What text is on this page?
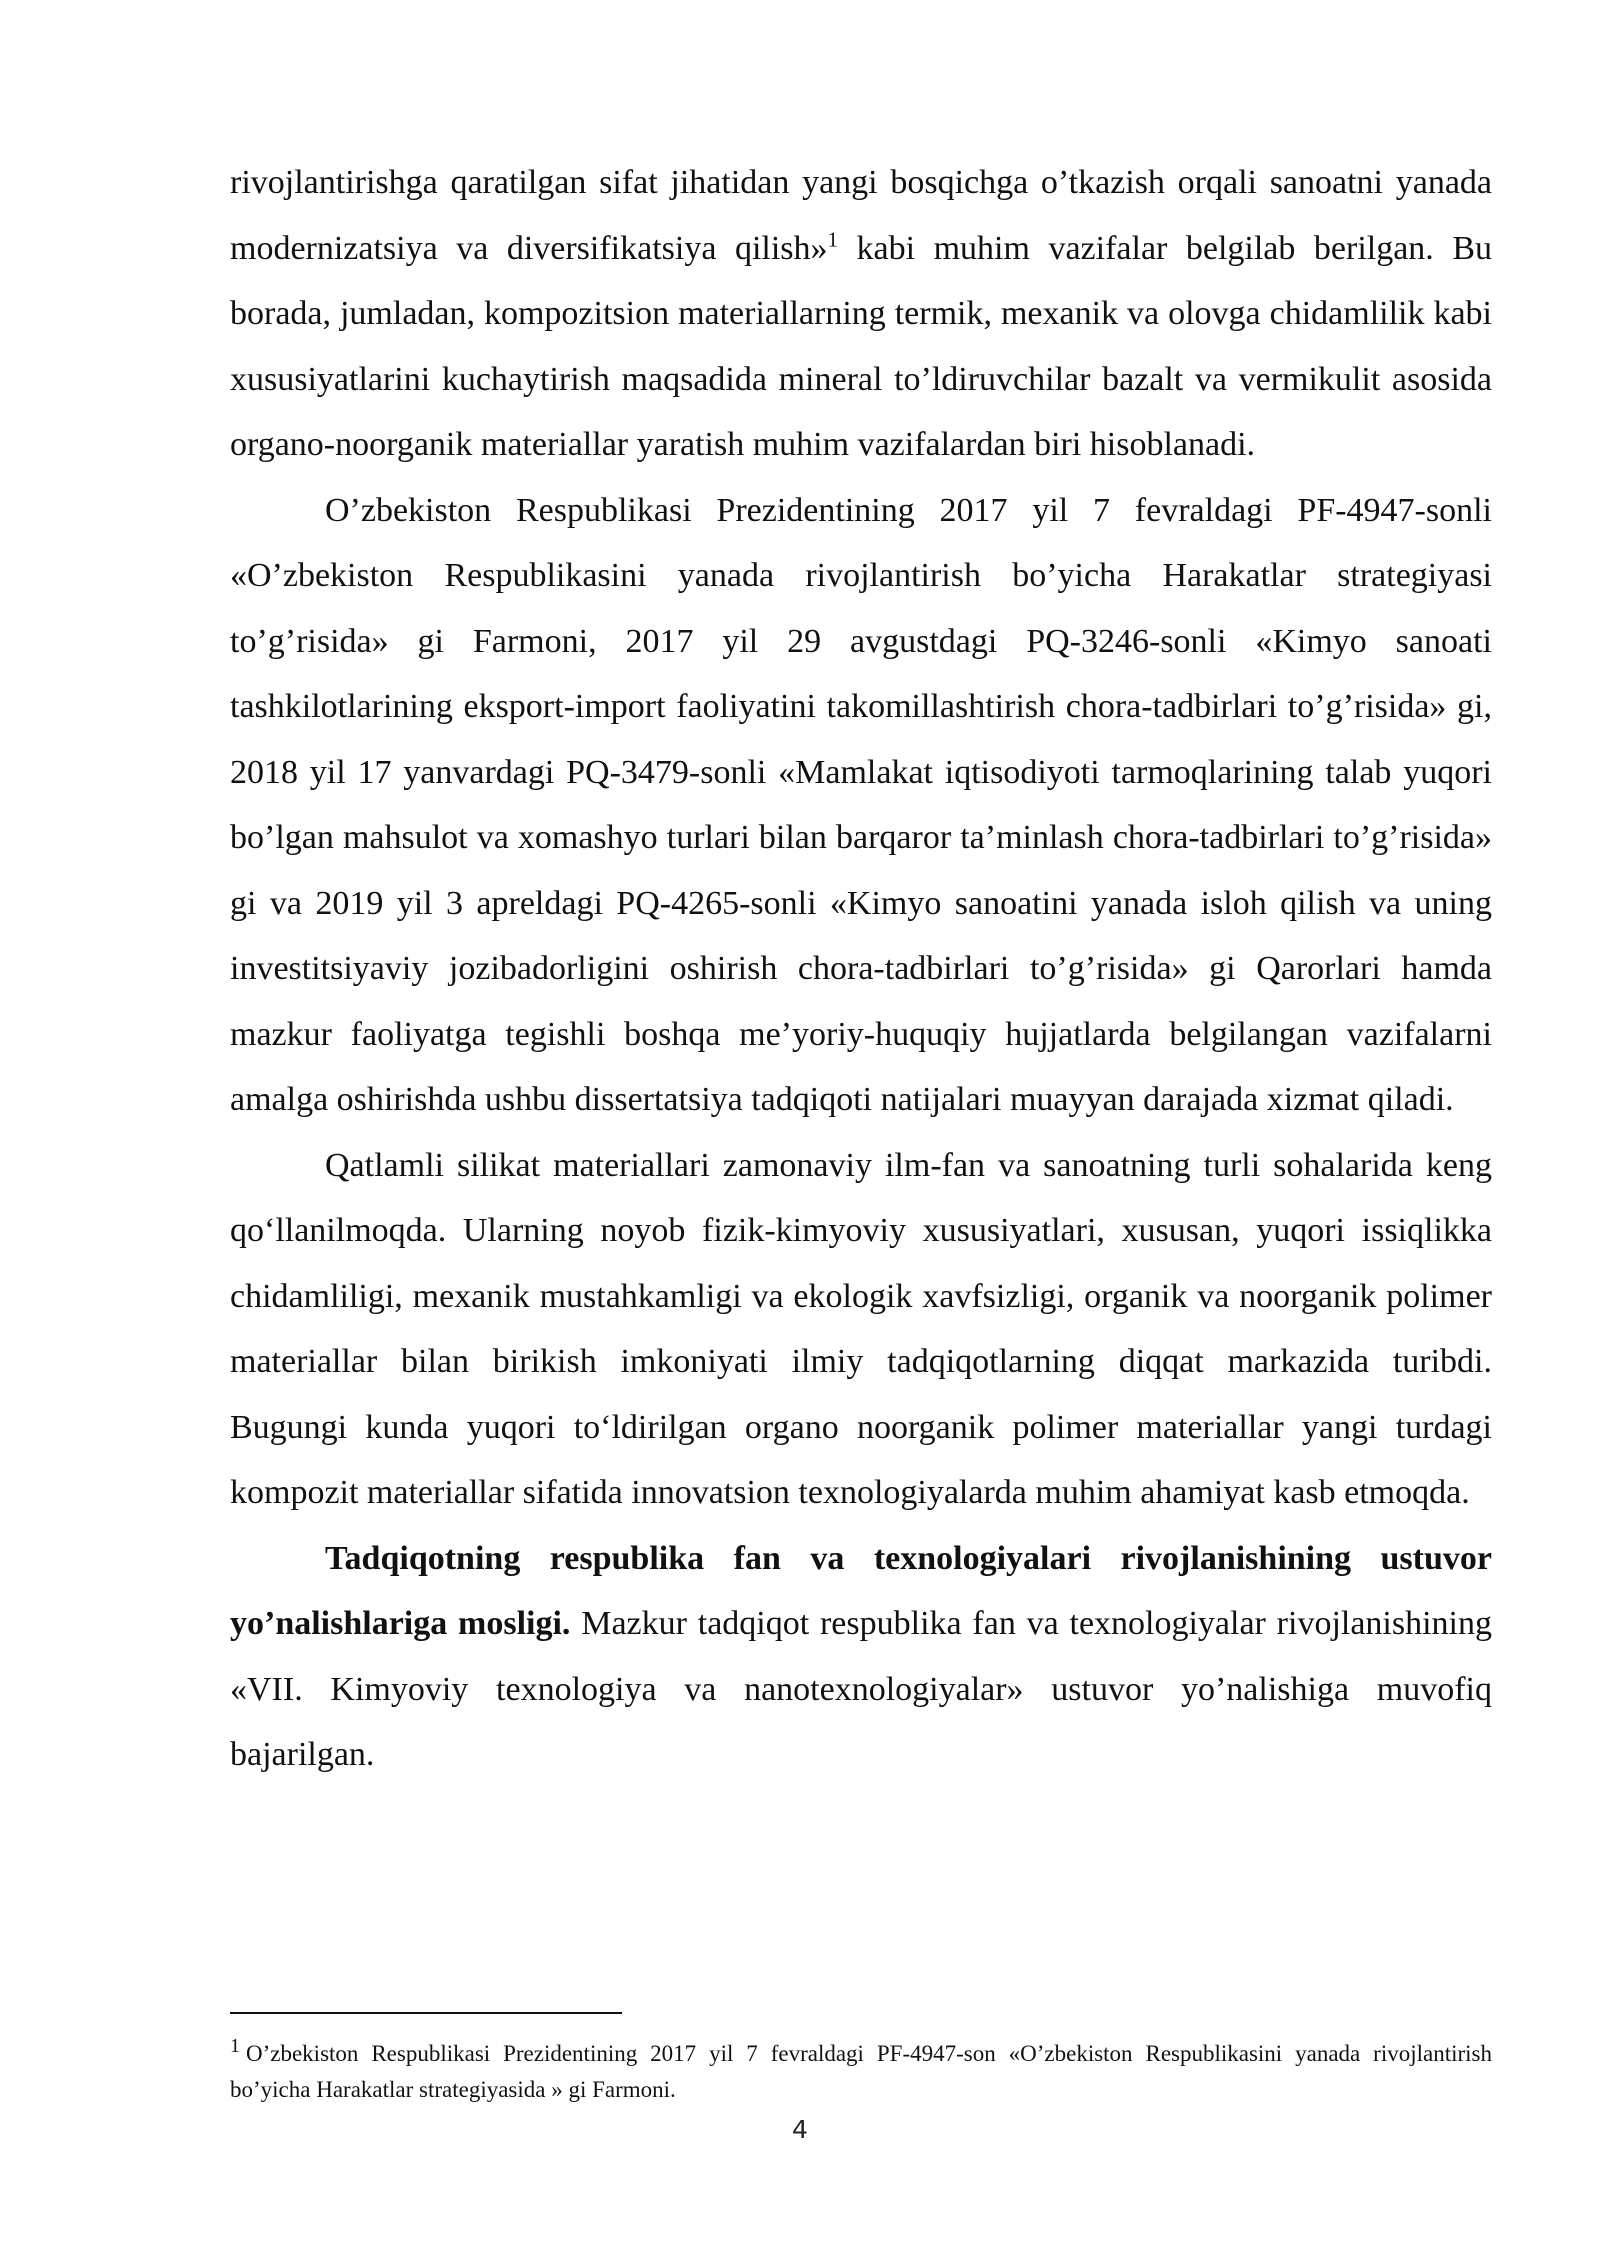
rivojlantirishga qaratilgan sifat jihatidan yangi bosqichga o’tkazish orqali sanoatni yanada modernizatsiya va diversifikatsiya qilish»$^1$ kabi muhim vazifalar belgilab berilgan. Bu borada, jumladan, kompozitsion materiallarning termik, mexanik va olovga chidamlilik kabi xususiyatlarini kuchaytirish maqsadida mineral to’ldiruvchilar bazalt va vermikulit asosida organo-noorganik materiallar yaratish muhim vazifalardan biri hisoblanadi.

O’zbekiston Respublikasi Prezidentining 2017 yil 7 fevraldagi PF-4947-sonli «O’zbekiston Respublikasini yanada rivojlantirish bo’yicha Harakatlar strategiyasi to’g’risida» gi Farmoni, 2017 yil 29 avgustdagi PQ-3246-sonli «Kimyo sanoati tashkilotlarining eksport-import faoliyatini takomillashtirish chora-tadbirlari to’g’risida» gi, 2018 yil 17 yanvardagi PQ-3479-sonli «Mamlakat iqtisodiyoti tarmoqlarining talab yuqori bo’lgan mahsulot va xomashyo turlari bilan barqaror ta’minlash chora-tadbirlari to’g’risida» gi va 2019 yil 3 apreldagi PQ-4265-sonli «Kimyo sanoatini yanada isloh qilish va uning investitsiyaviy jozibadorligini oshirish chora-tadbirlari to’g’risida» gi Qarorlari hamda mazkur faoliyatga tegishli boshqa me’yoriy-huquqiy hujjatlarda belgilangan vazifalarni amalga oshirishda ushbu dissertatsiya tadqiqoti natijalari muayyan darajada xizmat qiladi.

Qatlamli silikat materiallari zamonaviy ilm-fan va sanoatning turli sohalarida keng qo‘llanilmoqda. Ularning noyob fizik-kimyoviy xususiyatlari, xususan, yuqori issiqlikka chidamliligi, mexanik mustahkamligi va ekologik xavfsizligi, organik va noorganik polimer materiallar bilan birikish imkoniyati ilmiy tadqiqotlarning diqqat markazida turibdi. Bugungi kunda yuqori to‘ldirilgan organo noorganik polimer materiallar yangi turdagi kompozit materiallar sifatida innovatsion texnologiyalarda muhim ahamiyat kasb etmoqda.

Tadqiqotning respublika fan va texnologiyalari rivojlanishining ustuvor yo’nalishlariga mosligi. Mazkur tadqiqot respublika fan va texnologiyalar rivojlanishining «VII. Kimyoviy texnologiya va nanotexnologiyalar» ustuvor yo’nalishiga muvofiq bajarilgan.

$^1$ O’zbekiston Respublikasi Prezidentining 2017 yil 7 fevraldagi PF-4947-son «O’zbekiston Respublikasini yanada rivojlantirish bo’yicha Harakatlar strategiyasida » gi Farmoni.

4
